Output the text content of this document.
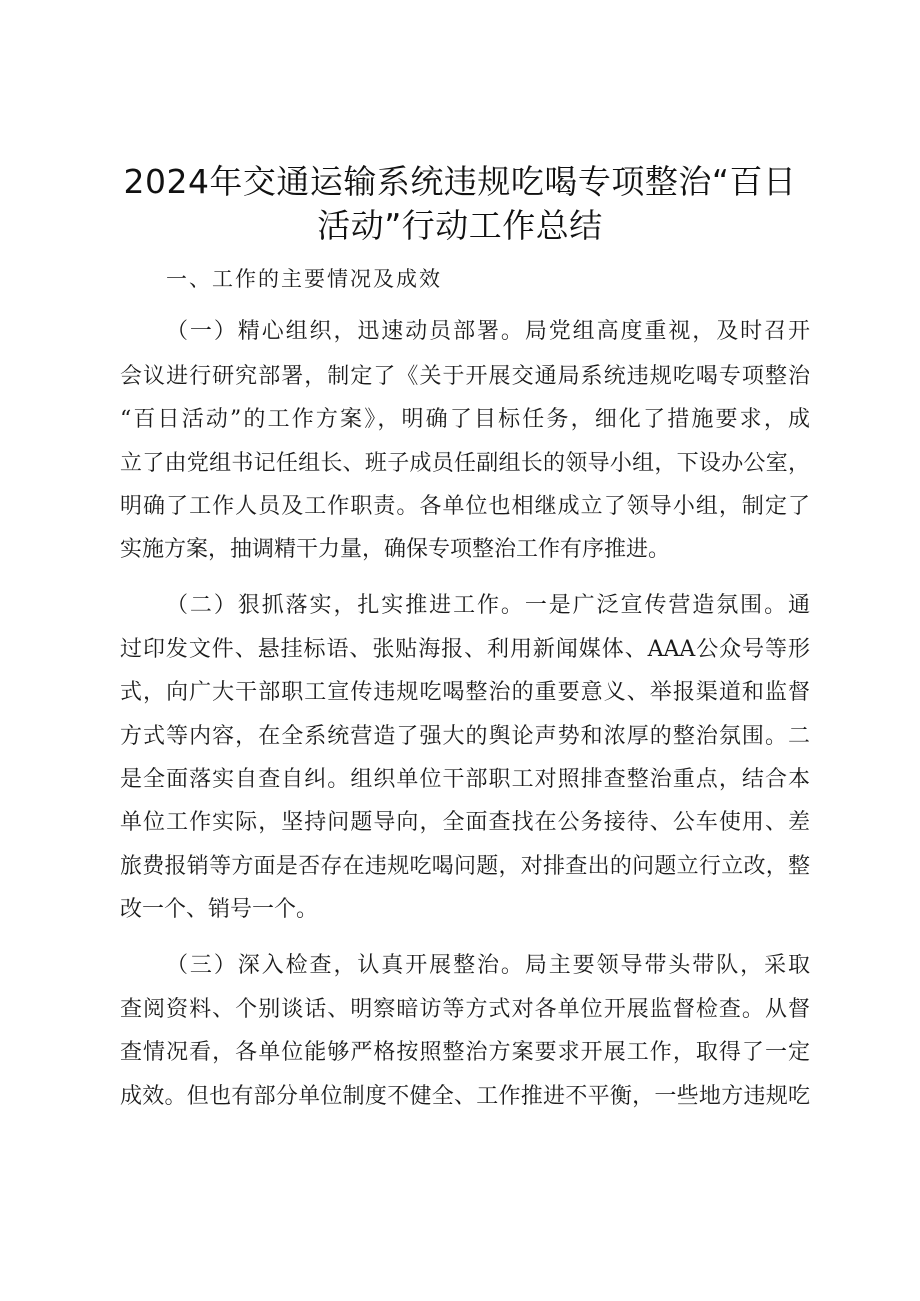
2024年交通运输系统违规吃喝专项整治“百日
活动”行动工作总结
一、工作的主要情况及成效
（一）精心组织，迅速动员部署。局党组高度重视，及时召开
会议进行研究部署，制定了《关于开展交通局系统违规吃喝专项整治
“百日活动”的工作方案》，明确了目标任务，细化了措施要求，成
立了由党组书记任组长、班子成员任副组长的领导小组，下设办公室，
明确了工作人员及工作职责。各单位也相继成立了领导小组，制定了
实施方案，抽调精干力量，确保专项整治工作有序推进。
（二）狠抓落实，扎实推进工作。一是广泛宣传营造氛围。通
过印发文件、悬挂标语、张贴海报、利用新闻媒体、AAA公众号等形
式，向广大干部职工宣传违规吃喝整治的重要意义、举报渠道和监督
方式等内容，在全系统营造了强大的舆论声势和浓厚的整治氛围。二
是全面落实自查自纠。组织单位干部职工对照排查整治重点，结合本
单位工作实际，坚持问题导向，全面查找在公务接待、公车使用、差
旅费报销等方面是否存在违规吃喝问题，对排查出的问题立行立改，整
改一个、销号一个。
（三）深入检查，认真开展整治。局主要领导带头带队，采取
查阅资料、个别谈话、明察暗访等方式对各单位开展监督检查。从督
查情况看，各单位能够严格按照整治方案要求开展工作，取得了一定
成效。但也有部分单位制度不健全、工作推进不平衡，一些地方违规吃
